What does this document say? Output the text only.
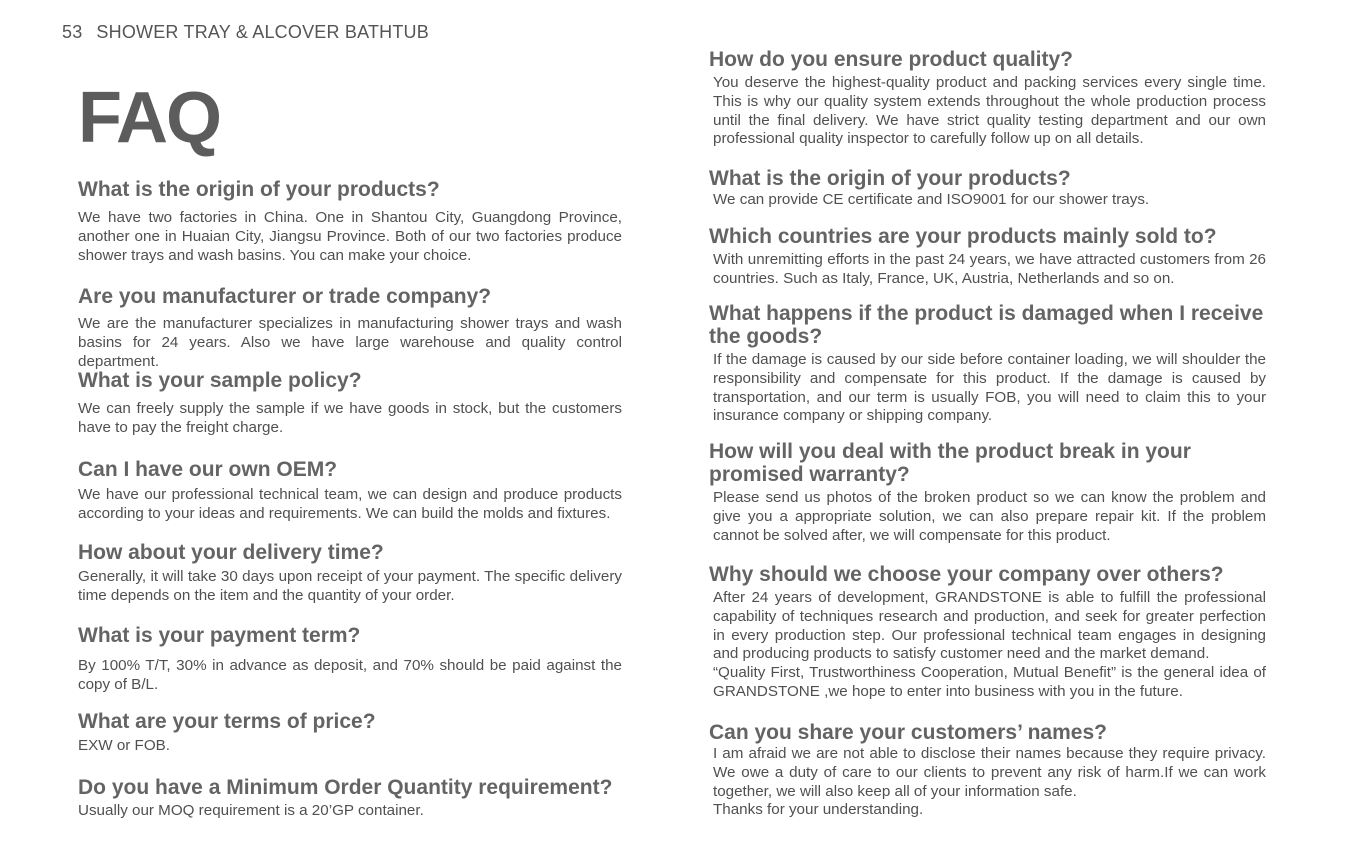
53 SHOWER TRAY & ALCOVER BATHTUB
FAQ
What is the origin of your products?

We have two factories in China. One in Shantou City, Guangdong Province, another one in Huaian City, Jiangsu Province. Both of our two factories produce shower trays and wash basins. You can make your choice.

Are you manufacturer or trade company?

We are the manufacturer specializes in manufacturing shower trays and wash basins for 24 years. Also we have large warehouse and quality control department.

What is your sample policy?

We can freely supply the sample if we have goods in stock, but the customers have to pay the freight charge.

Can I have our own OEM?

We have our professional technical team, we can design and produce products according to your ideas and requirements. We can build the molds and fixtures.

How about your delivery time?

Generally, it will take 30 days upon receipt of your payment. The specific delivery time depends on the item and the quantity of your order.

What is your payment term?

By 100% T/T, 30% in advance as deposit, and 70% should be paid against the copy of B/L.

What are your terms of price?

EXW or FOB.

Do you have a Minimum Order Quantity requirement?

Usually our MOQ requirement is a 20’GP container.

How do you ensure product quality?

You deserve the highest-quality product and packing services every single time. This is why our quality system extends throughout the whole production process until the final delivery. We have strict quality testing department and our own professional quality inspector to carefully follow up on all details.

What is the origin of your products?

We can provide CE certificate and ISO9001 for our shower trays.

Which countries are your products mainly sold to?

With unremitting efforts in the past 24 years, we have attracted customers from 26 countries. Such as Italy, France, UK, Austria, Netherlands and so on.

What happens if the product is damaged when I receive the goods?

If the damage is caused by our side before container loading, we will shoulder the responsibility and compensate for this product. If the damage is caused by transportation, and our term is usually FOB, you will need to claim this to your insurance company or shipping company.

How will you deal with the product break in your promised warranty?

Please send us photos of the broken product so we can know the problem and give you a appropriate solution, we can also prepare repair kit. If the problem cannot be solved after, we will compensate for this product.

Why should we choose your company over others?

After 24 years of development, GRANDSTONE is able to fulfill the professional capability of techniques research and production, and seek for greater perfection in every production step. Our professional technical team engages in designing and producing products to satisfy customer need and the market demand.
“Quality First, Trustworthiness Cooperation, Mutual Benefit” is the general idea of GRANDSTONE ,we hope to enter into business with you in the future.

Can you share your customers’ names?

I am afraid we are not able to disclose their names because they require privacy. We owe a duty of care to our clients to prevent any risk of harm.If we can work together, we will also keep all of your information safe.
Thanks for your understanding.
